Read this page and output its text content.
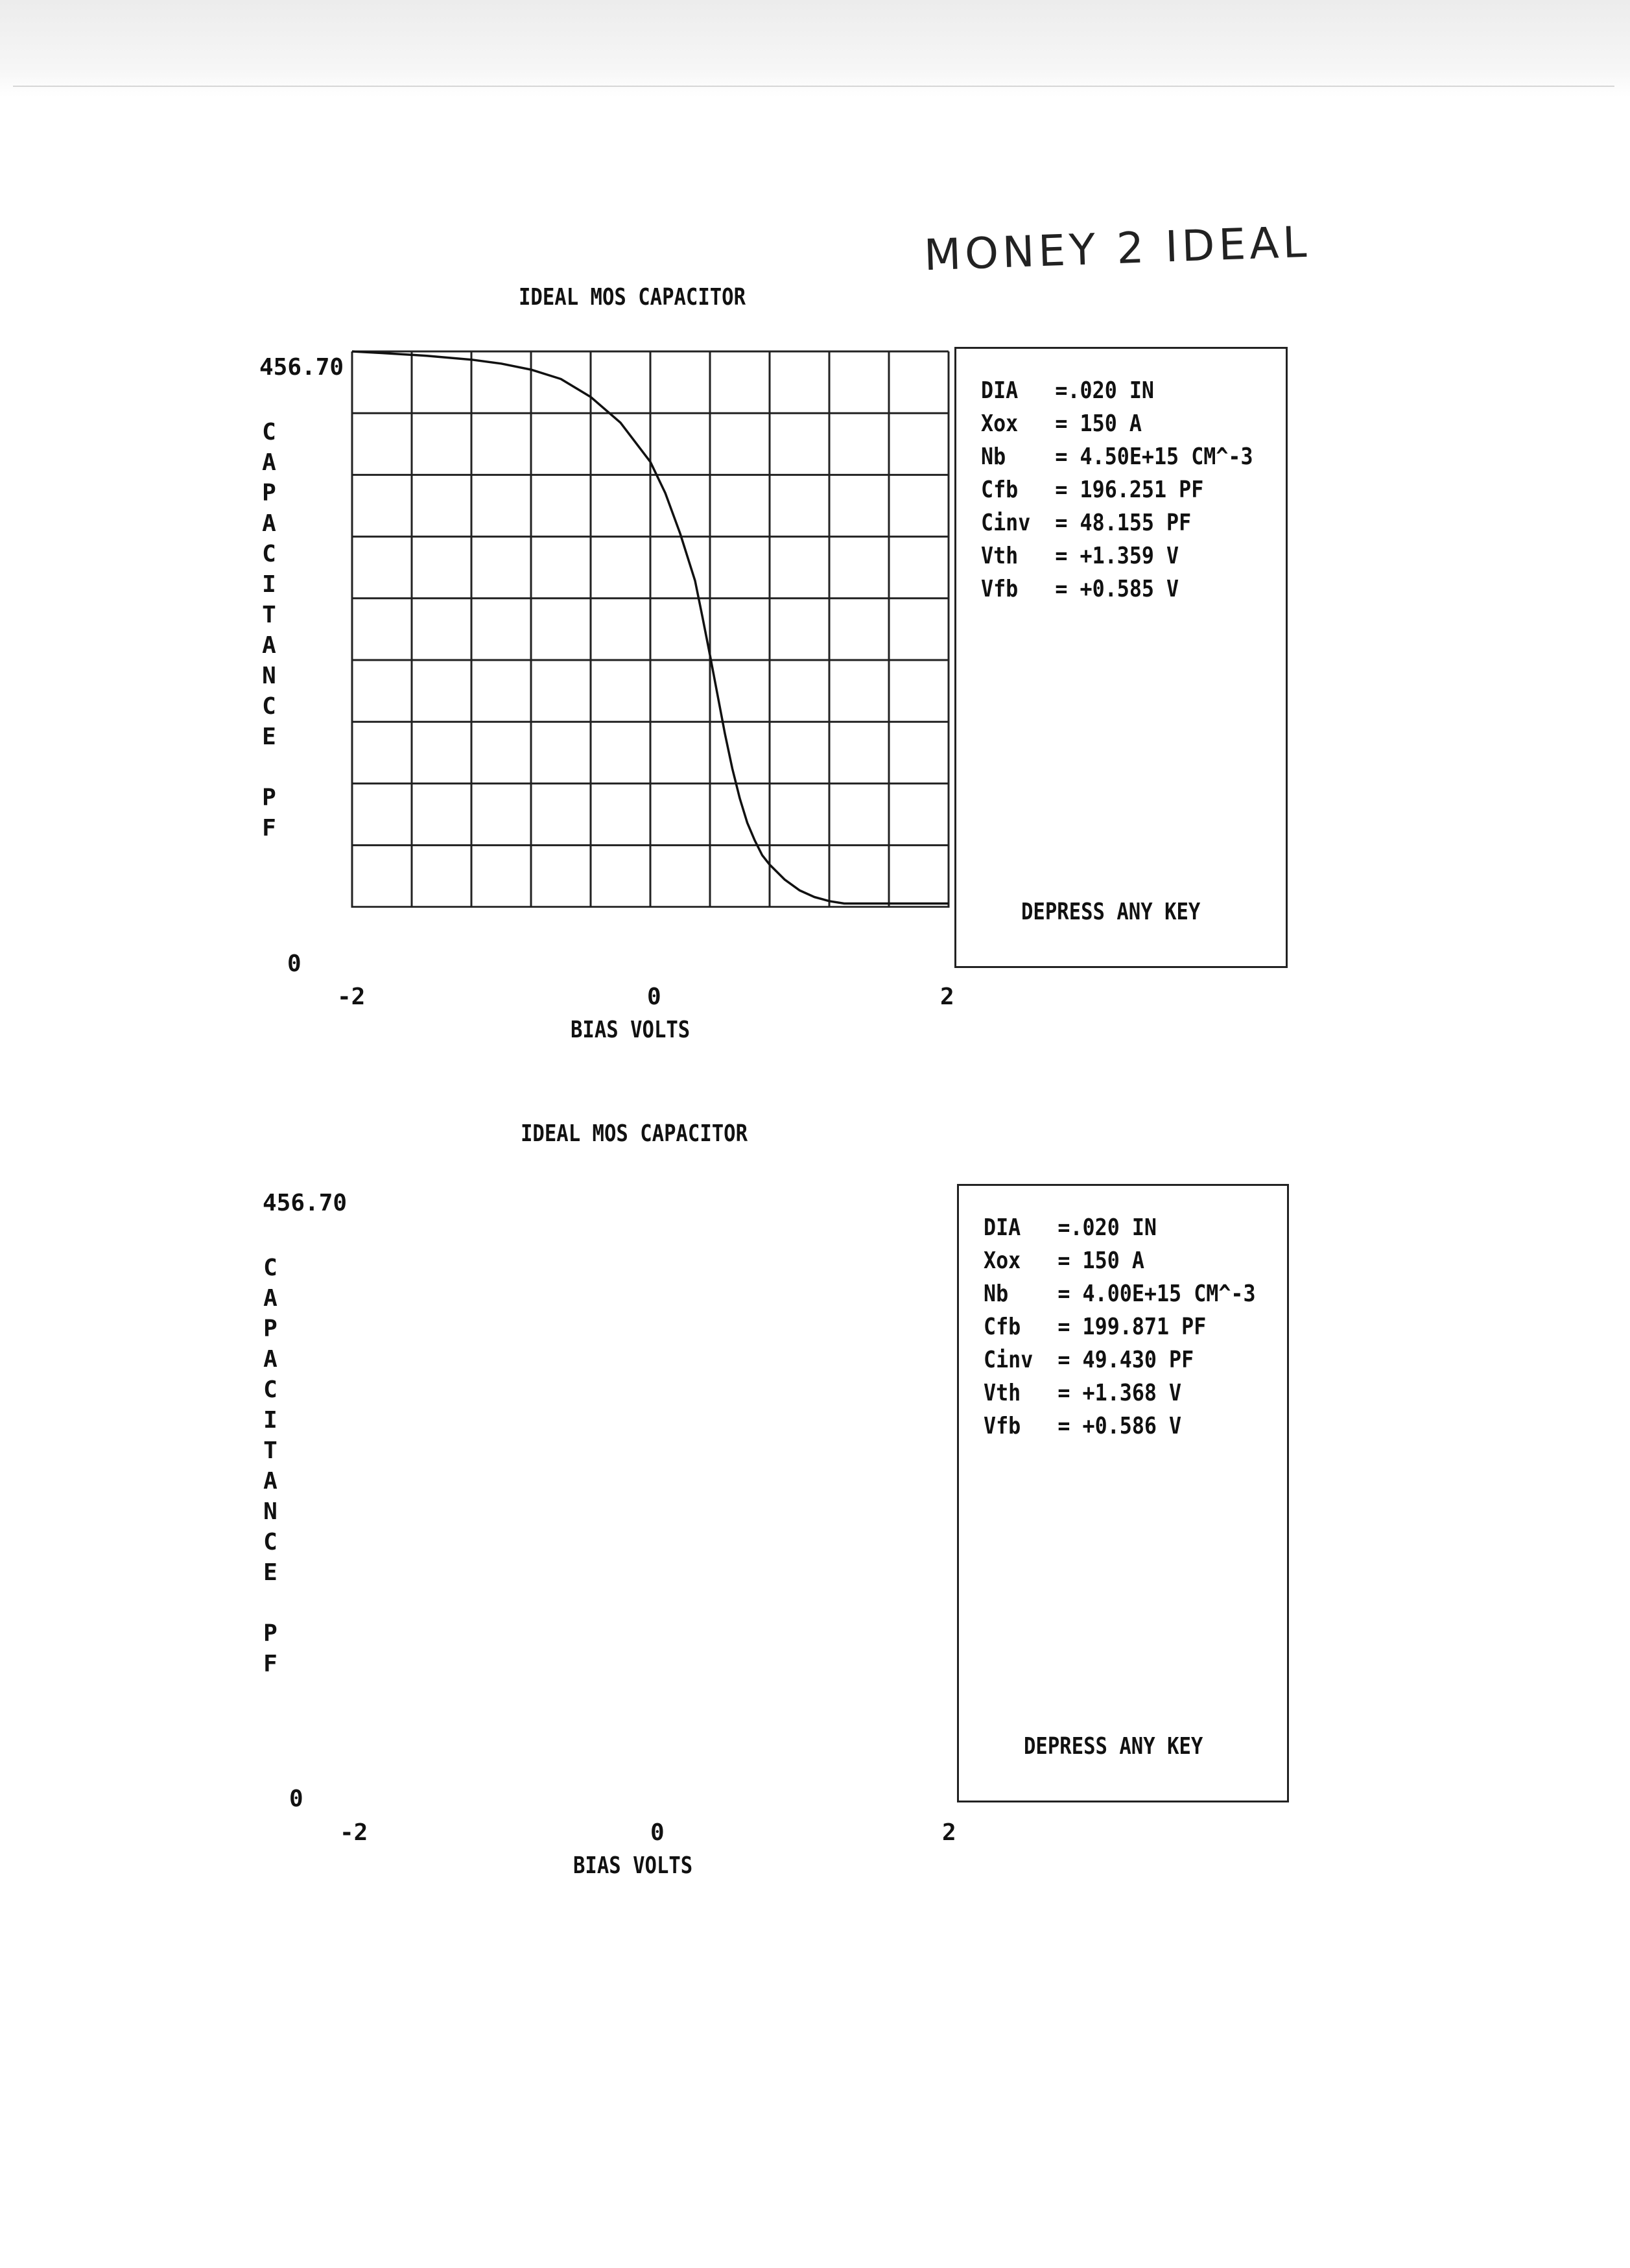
MONEY 2 IDEAL
IDEAL MOS CAPACITOR
456.70
0
C
A
P
A
C
I
T
A
N
C
E

P
F
-2	0	2
BIAS VOLTS
DIA =.020 IN
Xox = 150 A
Nb = 4.50E+15 CM^-3
Cfb = 196.251 PF
Cinv = 48.155 PF
Vth = +1.359 V
Vfb = +0.585 V
DEPRESS ANY KEY
IDEAL MOS CAPACITOR
456.70
0
C
A
P
A
C
I
T
A
N
C
E

P
F
-2	0	2
BIAS VOLTS
DIA =.020 IN
Xox = 150 A
Nb = 4.00E+15 CM^-3
Cfb = 199.871 PF
Cinv = 49.430 PF
Vth = +1.368 V
Vfb = +0.586 V
DEPRESS ANY KEY
